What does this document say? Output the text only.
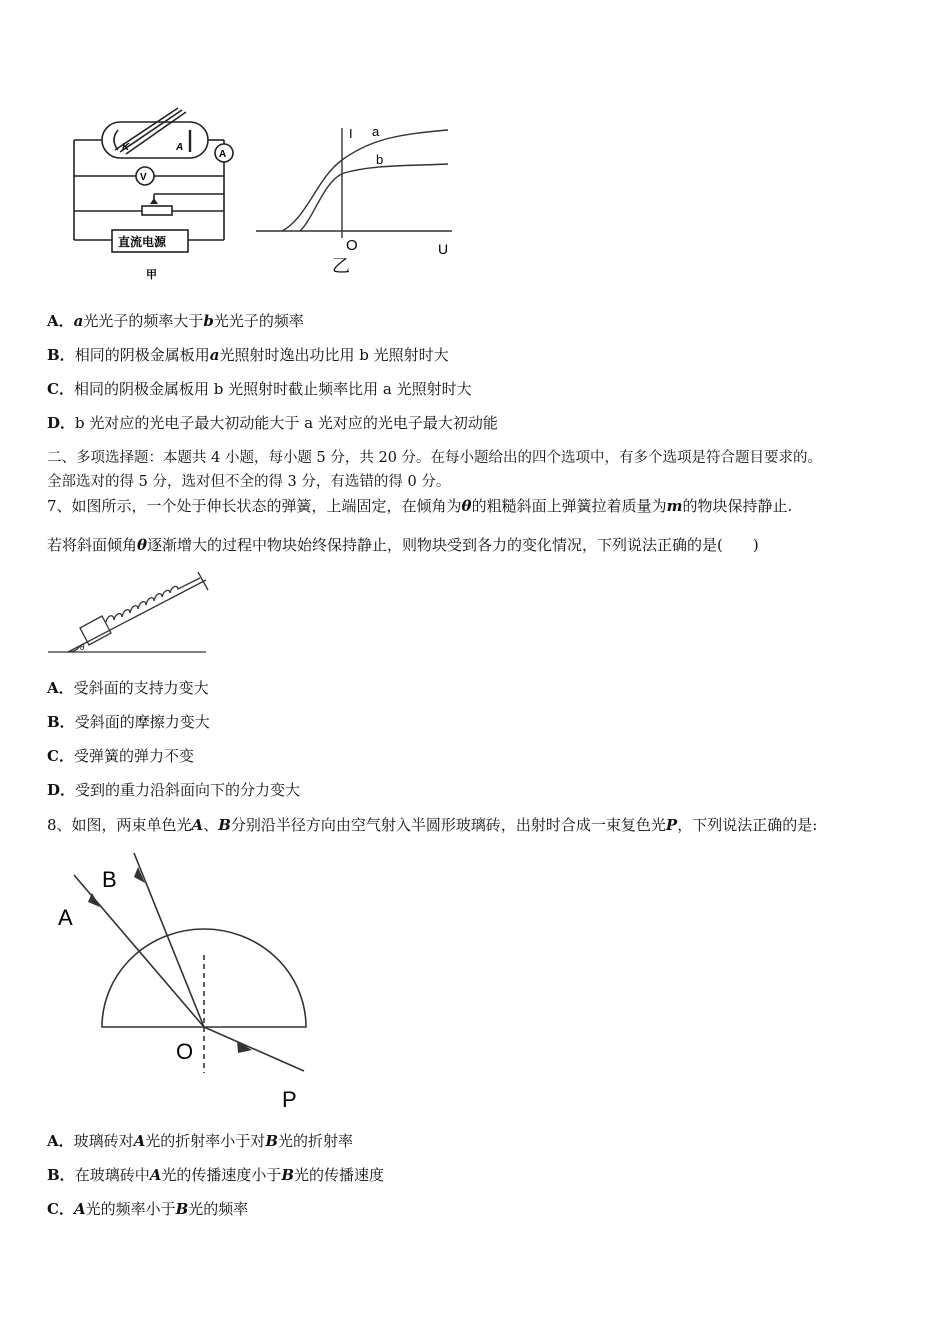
K	A
A
V
直流电源
甲
I a
b
O	U
乙
A．a光光子的频率大于b光光子的频率
B．相同的阴极金属板用a光照射时逸出功比用 b 光照射时大
C．相同的阴极金属板用 b 光照射时截止频率比用 a 光照射时大
D．b 光对应的光电子最大初动能大于 a 光对应的光电子最大初动能
二、多项选择题：本题共 4 小题，每小题 5 分，共 20 分。在每小题给出的四个选项中，有多个选项是符合题目要求的。
全部选对的得 5 分，选对但不全的得 3 分，有选错的得 0 分。
7、如图所示，一个处于伸长状态的弹簧，上端固定，在倾角为θ的粗糙斜面上弹簧拉着质量为m的物块保持静止.
若将斜面倾角θ逐渐增大的过程中物块始终保持静止，则物块受到各力的变化情况，下列说法正确的是(　　)
θ
A．受斜面的支持力变大
B．受斜面的摩擦力变大
C．受弹簧的弹力不变
D．受到的重力沿斜面向下的分力变大
8、如图，两束单色光A、B分别沿半径方向由空气射入半圆形玻璃砖，出射时合成一束复色光P，下列说法正确的是:
A
B
O
P
A．玻璃砖对A光的折射率小于对B光的折射率
B．在玻璃砖中A光的传播速度小于B光的传播速度
C．A光的频率小于B光的频率
